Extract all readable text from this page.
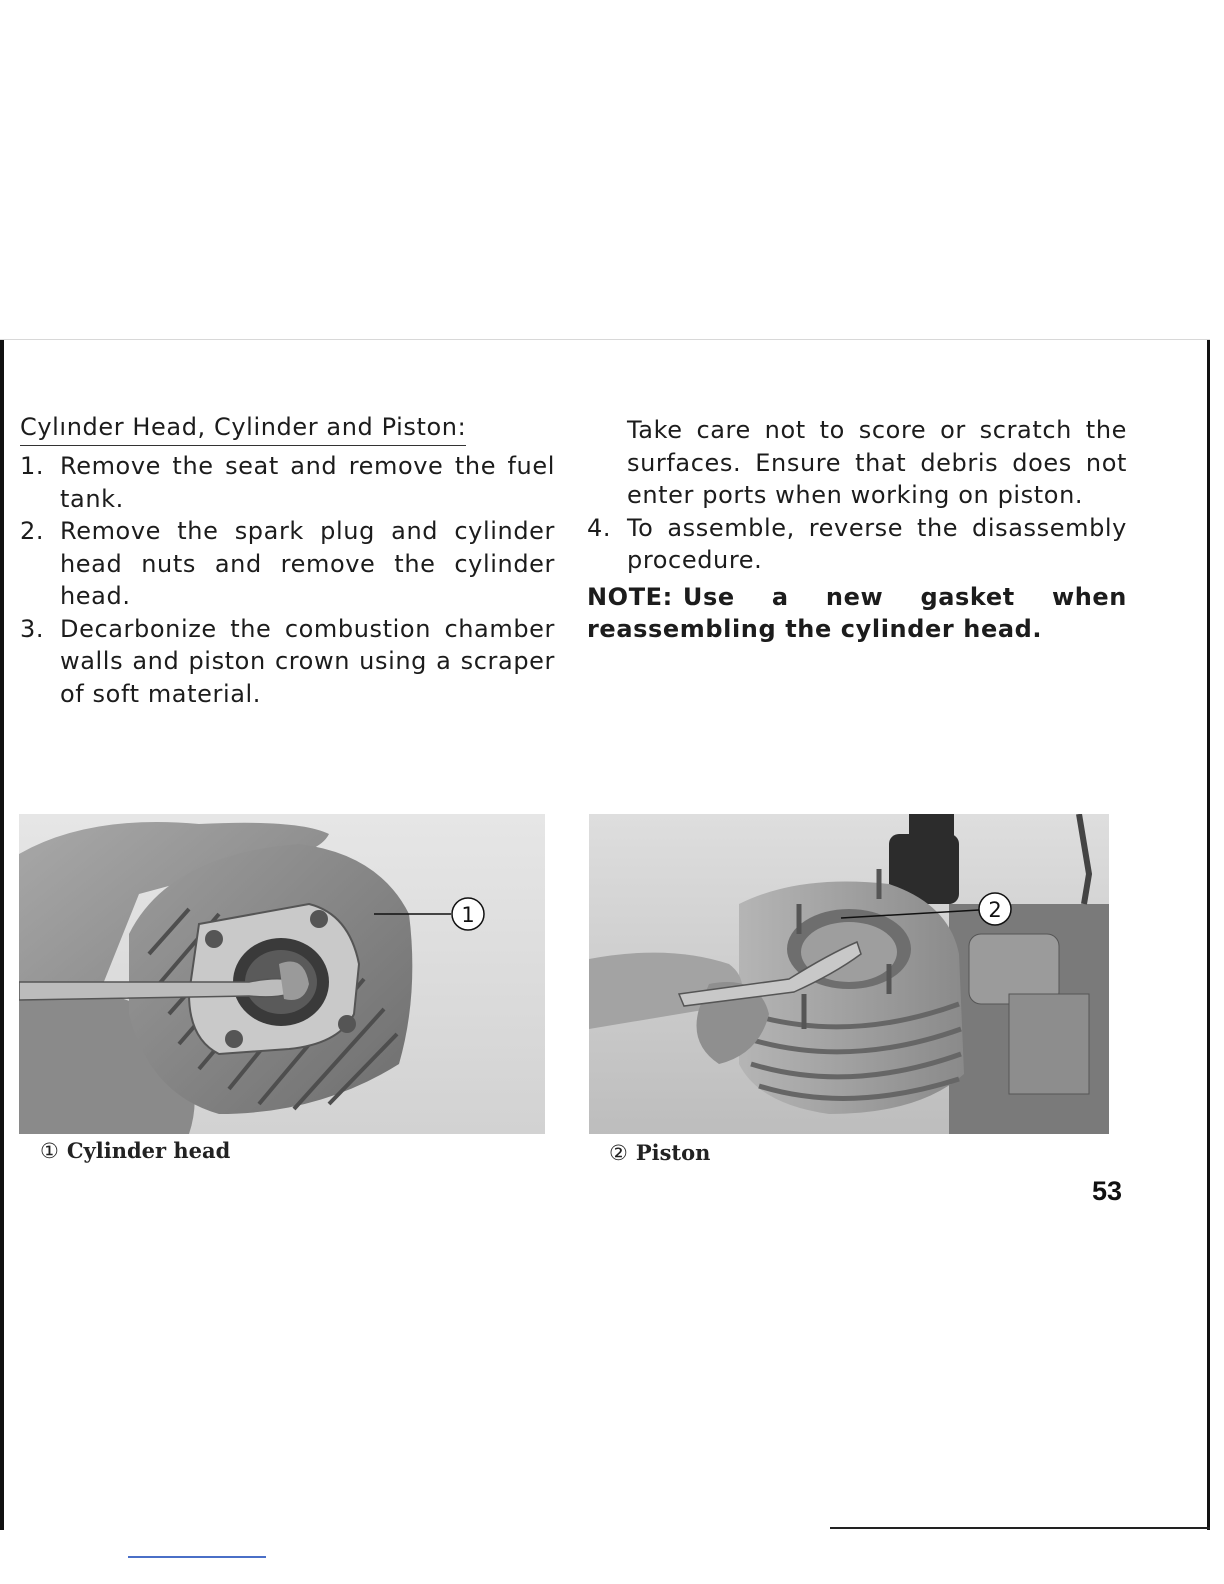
Cylınder Head, Cylinder and Piston:
1. Remove the seat and remove the fuel tank.
2. Remove the spark plug and cylinder head nuts and remove the cylinder head.
3. Decarbonize the combustion chamber walls and piston crown using a scraper of soft material.
Take care not to score or scratch the surfaces. Ensure that debris does not enter ports when working on piston.
4. To assemble, reverse the disassembly procedure.
NOTE: Use a new gasket when reassembling the cylinder head.
1	2
① Cylinder head	② Piston
53
